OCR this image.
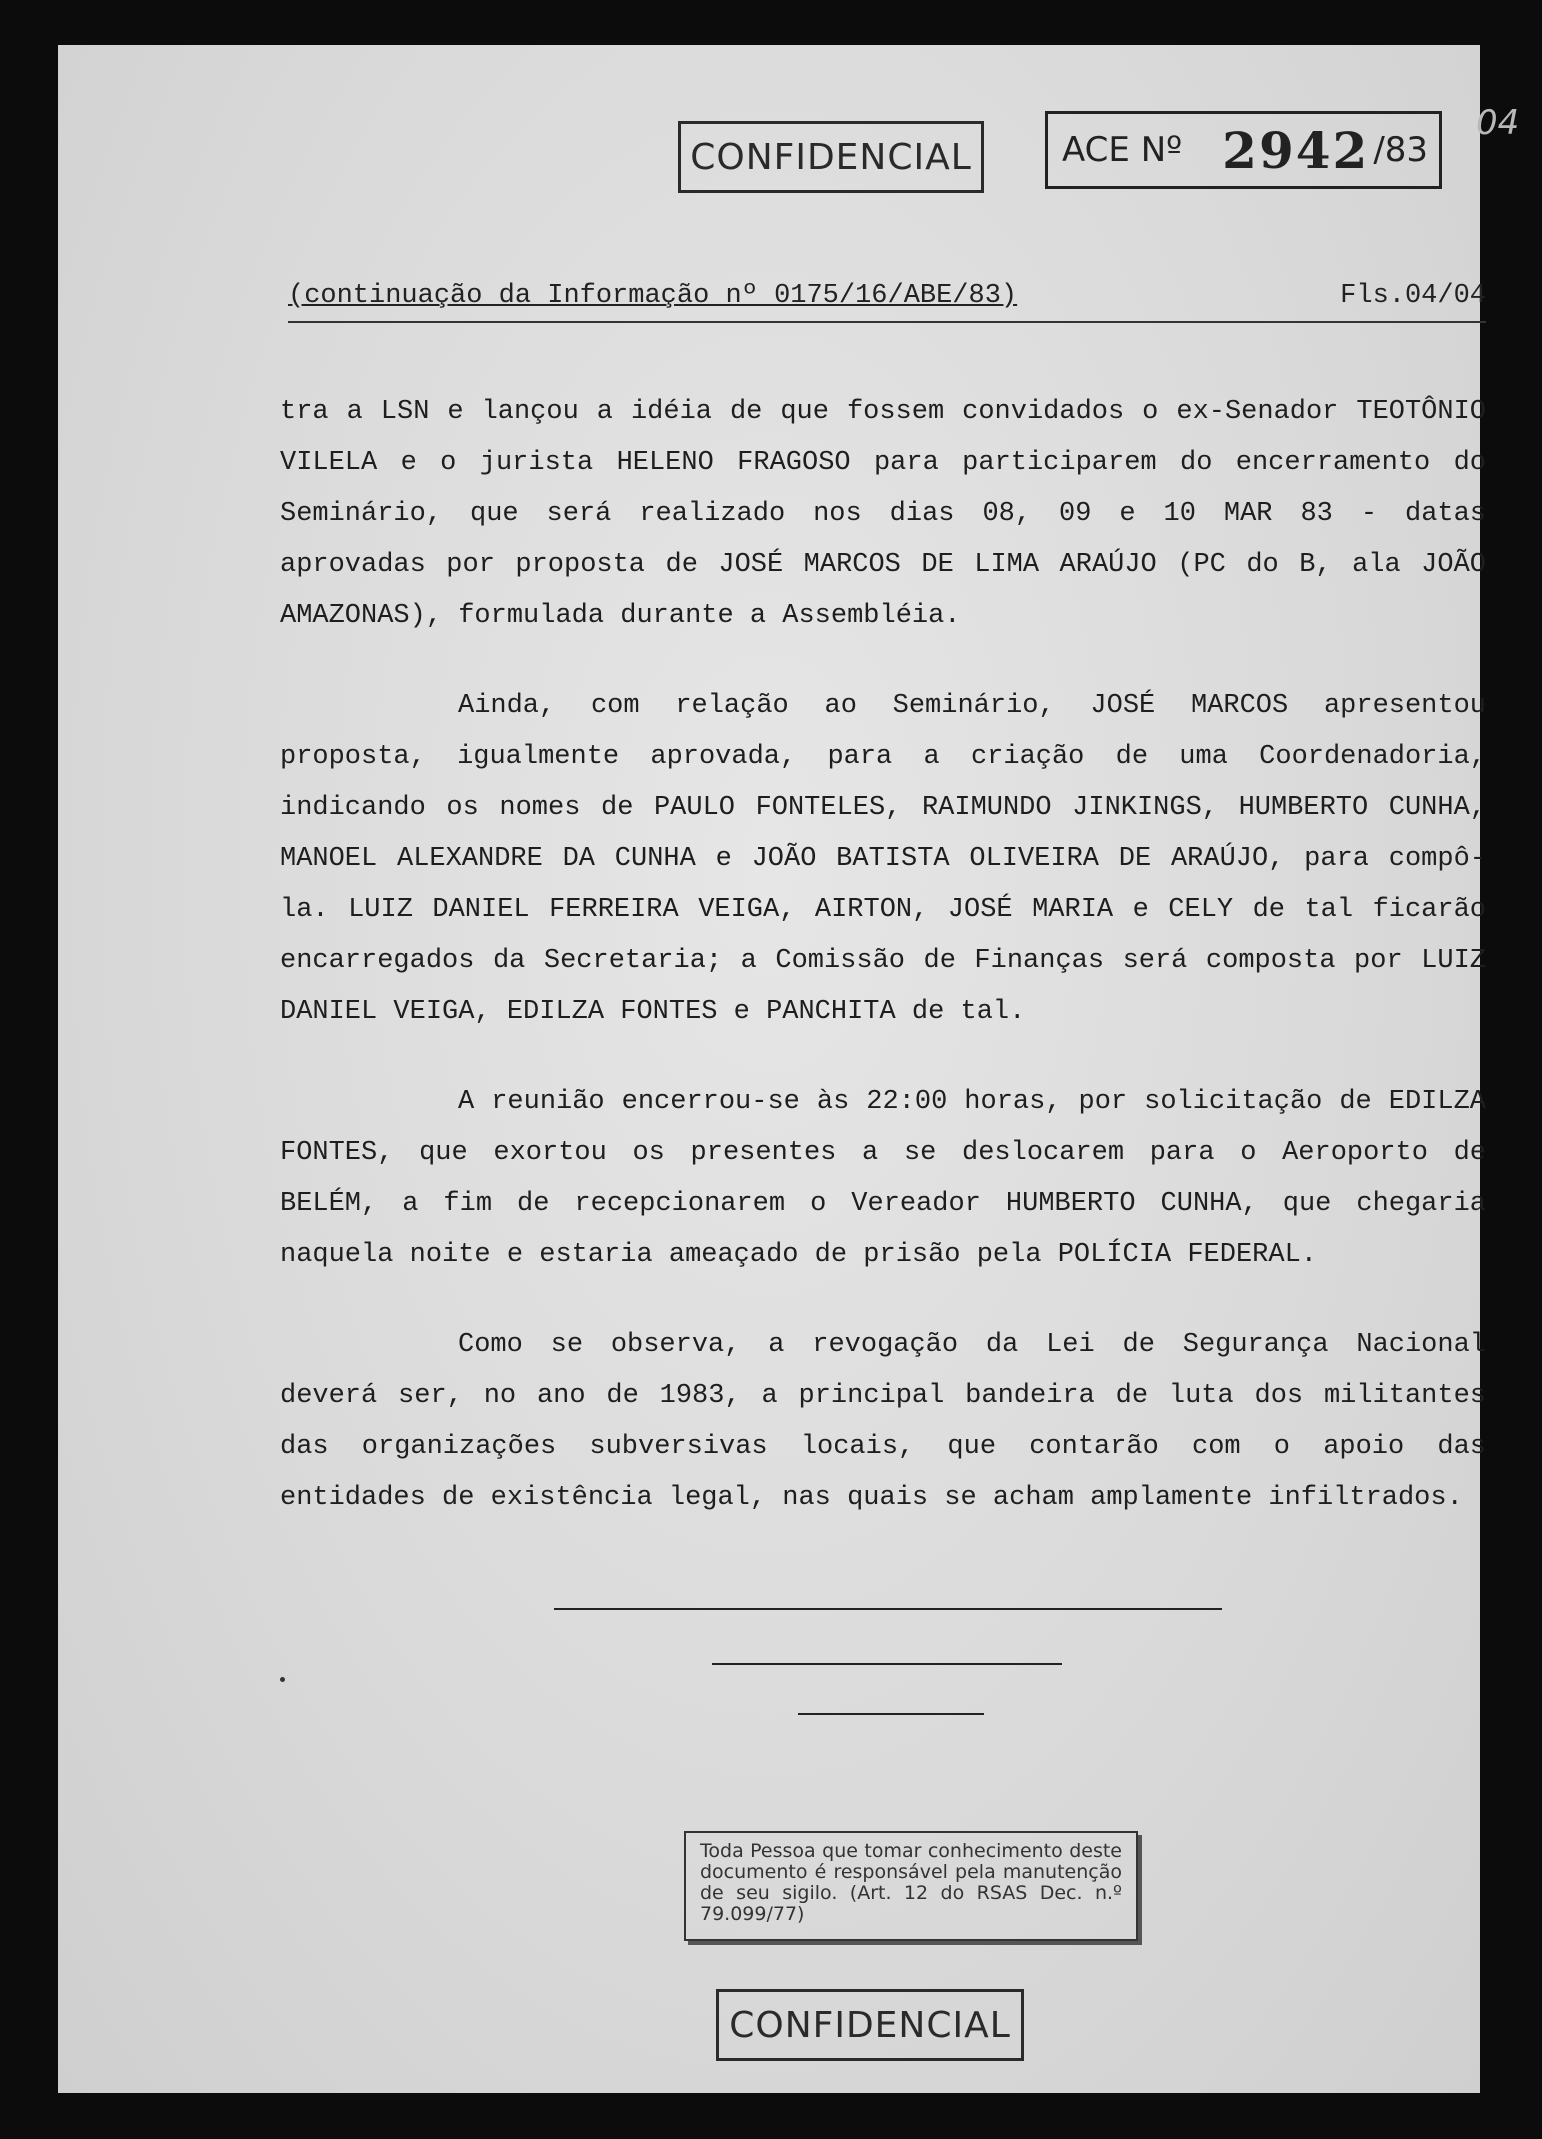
CONFIDENCIAL	ACE Nº 2942 /83
04
(continuação da Informação nº 0175/16/ABE/83)	Fls.04/04

tra a LSN e lançou a idéia de que fossem convidados o ex-Senador TEOTÔNIO VILELA e o jurista HELENO FRAGOSO para participarem do encerramento do Seminário, que será realizado nos dias 08, 09 e 10 MAR 83 - datas aprovadas por proposta de JOSÉ MARCOS DE LIMA ARAÚJO (PC do B, ala JOÃO AMAZONAS), formulada durante a Assembléia.

Ainda, com relação ao Seminário, JOSÉ MARCOS apresentou proposta, igualmente aprovada, para a criação de uma Coordenadoria, indicando os nomes de PAULO FONTELES, RAIMUNDO JINKINGS, HUMBERTO CUNHA, MANOEL ALEXANDRE DA CUNHA e JOÃO BATISTA OLIVEIRA DE ARAÚJO, para compô-la. LUIZ DANIEL FERREIRA VEIGA, AIRTON, JOSÉ MARIA e CELY de tal ficarão encarregados da Secretaria; a Comissão de Finanças será composta por LUIZ DANIEL VEIGA, EDILZA FONTES e PANCHITA de tal.

A reunião encerrou-se às 22:00 horas, por solicitação de EDILZA FONTES, que exortou os presentes a se deslocarem para o Aeroporto de BELÉM, a fim de recepcionarem o Vereador HUMBERTO CUNHA, que chegaria naquela noite e estaria ameaçado de prisão pela POLÍCIA FEDERAL.

Como se observa, a revogação da Lei de Segurança Nacional deverá ser, no ano de 1983, a principal bandeira de luta dos militantes das organizações subversivas locais, que contarão com o apoio das entidades de existência legal, nas quais se acham amplamente infiltrados.

Toda Pessoa que tomar conhecimento deste documento é responsável pela manutenção de seu sigilo. (Art. 12 do RSAS Dec. n.º 79.099/77)
CONFIDENCIAL
